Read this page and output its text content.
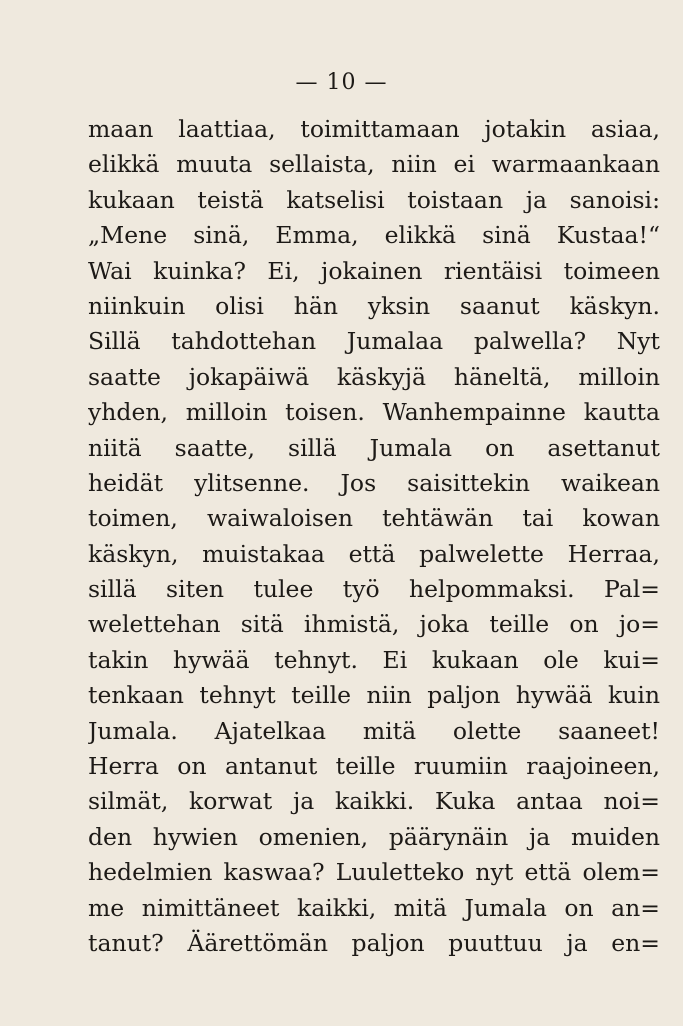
— 10 —
maan laattiaa, toimittamaan jotakin asiaa,
elikkä muuta sellaista, niin ei warmaankaan
kukaan teistä katselisi toistaan ja sanoisi:
„Mene sinä, Emma, elikkä sinä Kustaa!“
Wai kuinka? Ei, jokainen rientäisi toimeen
niinkuin olisi hän yksin saanut käskyn.
Sillä tahdottehan Jumalaa palwella? Nyt
saatte jokapäiwä käskyjä häneltä, milloin
yhden, milloin toisen. Wanhempainne kautta
niitä saatte, sillä Jumala on asettanut
heidät ylitsenne. Jos saisittekin waikean
toimen, waiwaloisen tehtäwän tai kowan
käskyn, muistakaa että palwelette Herraa,
sillä siten tulee työ helpommaksi. Pal=
welettehan sitä ihmistä, joka teille on jo=
takin hywää tehnyt. Ei kukaan ole kui=
tenkaan tehnyt teille niin paljon hywää kuin
Jumala. Ajatelkaa mitä olette saaneet!
Herra on antanut teille ruumiin raajoineen,
silmät, korwat ja kaikki. Kuka antaa noi=
den hywien omenien, päärynäin ja muiden
hedelmien kaswaa? Luuletteko nyt että olem=
me nimittäneet kaikki, mitä Jumala on an=
tanut? Äärettömän paljon puuttuu ja en=
